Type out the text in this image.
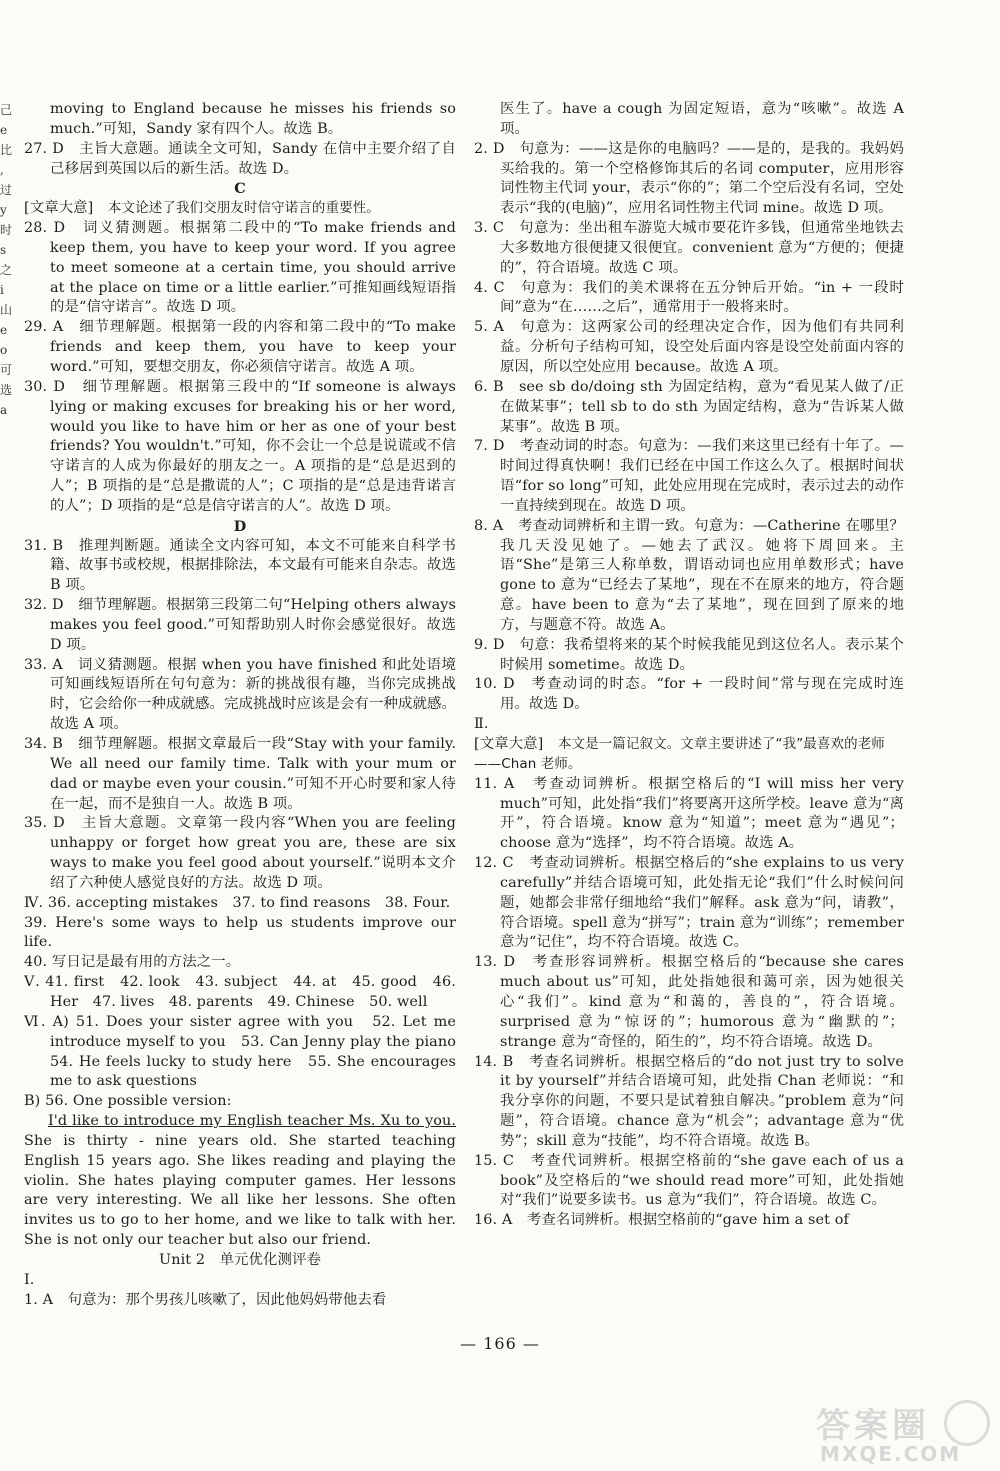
己 e 比 , 过 y 时 s 之 i 山 e o 可 选 a

moving to England because he misses his friends so much.”可知，Sandy 家有四个人。故选 B。

27. D　主旨大意题。通读全文可知，Sandy 在信中主要介绍了自己移居到英国以后的新生活。故选 D。

C

[文章大意]　 本文论述了我们交朋友时信守诺言的重要性。

28. D　词义猜测题。根据第二段中的“To make friends and keep them, you have to keep your word. If you agree to meet someone at a certain time, you should arrive at the place on time or a little earlier.”可推知画线短语指的是“信守诺言”。故选 D 项。

29. A　细节理解题。根据第一段的内容和第二段中的“To make friends and keep them, you have to keep your word.”可知，要想交朋友，你必须信守诺言。故选 A 项。

30. D　细节理解题。根据第三段中的“If someone is always lying or making excuses for breaking his or her word, would you like to have him or her as one of your best friends? You wouldn't.”可知，你不会让一个总是说谎或不信守诺言的人成为你最好的朋友之一。A 项指的是“总是迟到的人”；B 项指的是“总是撒谎的人”；C 项指的是“总是违背诺言的人”；D 项指的是“总是信守诺言的人”。故选 D 项。

D

31. B　推理判断题。通读全文内容可知，本文不可能来自科学书籍、故事书或校规，根据排除法，本文最有可能来自杂志。故选 B 项。

32. D　细节理解题。根据第三段第二句“Helping others always makes you feel good.”可知帮助别人时你会感觉很好。故选 D 项。

33. A　词义猜测题。根据 when you have finished 和此处语境可知画线短语所在句句意为：新的挑战很有趣，当你完成挑战时，它会给你一种成就感。完成挑战时应该是会有一种成就感。故选 A 项。

34. B　细节理解题。根据文章最后一段“Stay with your family. We all need our family time. Talk with your mum or dad or maybe even your cousin.”可知不开心时要和家人待在一起，而不是独自一人。故选 B 项。

35. D　主旨大意题。文章第一段内容“When you are feeling unhappy or forget how great you are, these are six ways to make you feel good about yourself.”说明本文介绍了六种使人感觉良好的方法。故选 D 项。

Ⅳ. 36. accepting mistakes　37. to find reasons　38. Four.

39. Here's some ways to help us students improve our life.

40. 写日记是最有用的方法之一。

Ⅴ. 41. first　42. look　43. subject　44. at　45. good　46. Her　47. lives　48. parents　49. Chinese　50. well

Ⅵ. A) 51. Does your sister agree with you　52. Let me introduce myself to you　53. Can Jenny play the piano　54. He feels lucky to study here　55. She encourages me to ask questions

B) 56. One possible version:

I'd like to introduce my English teacher Ms. Xu to you. She is thirty - nine years old. She started teaching English 15 years ago. She likes reading and playing the violin. She hates playing computer games. Her lessons are very interesting. We all like her lessons. She often invites us to go to her home, and we like to talk with her. She is not only our teacher but also our friend.

Unit 2　单元优化测评卷

Ⅰ.

1. A　句意为：那个男孩儿咳嗽了，因此他妈妈带他去看

医生了。have a cough 为固定短语，意为“咳嗽”。故选 A 项。

2. D　句意为：——这是你的电脑吗？——是的，是我的。我妈妈买给我的。第一个空格修饰其后的名词 computer，应用形容词性物主代词 your，表示“你的”；第二个空后没有名词，空处表示“我的(电脑)”，应用名词性物主代词 mine。故选 D 项。

3. C　句意为：坐出租车游览大城市要花许多钱，但通常坐地铁去大多数地方很便捷又很便宜。convenient 意为“方便的；便捷的”，符合语境。故选 C 项。

4. C　句意为：我们的美术课将在五分钟后开始。“in + 一段时间”意为“在……之后”，通常用于一般将来时。

5. A　句意为：这两家公司的经理决定合作，因为他们有共同利益。分析句子结构可知，设空处后面内容是设空处前面内容的原因，所以空处应用 because。故选 A 项。

6. B　see sb do/doing sth 为固定结构，意为“看见某人做了/正在做某事”；tell sb to do sth 为固定结构，意为“告诉某人做某事”。故选 B 项。

7. D　考查动词的时态。句意为：—我们来这里已经有十年了。—时间过得真快啊！我们已经在中国工作这么久了。根据时间状语“for so long”可知，此处应用现在完成时，表示过去的动作一直持续到现在。故选 D 项。

8. A　考查动词辨析和主谓一致。句意为：—Catherine 在哪里？我几天没见她了。—她去了武汉。她将下周回来。主语“She”是第三人称单数，谓语动词也应用单数形式；have gone to 意为“已经去了某地”，现在不在原来的地方，符合题意。have been to 意为“去了某地”，现在回到了原来的地方，与题意不符。故选 A。

9. D　句意：我希望将来的某个时候我能见到这位名人。表示某个时候用 sometime。故选 D。

10. D　考查动词的时态。“for + 一段时间”常与现在完成时连用。故选 D。

Ⅱ.

[文章大意]　 本文是一篇记叙文。文章主要讲述了“我”最喜欢的老师——Chan 老师。

11. A　考查动词辨析。根据空格后的“I will miss her very much”可知，此处指“我们”将要离开这所学校。leave 意为“离开”，符合语境。know 意为“知道”；meet 意为“遇见”；choose 意为“选择”，均不符合语境。故选 A。

12. C　考查动词辨析。根据空格后的“she explains to us very carefully”并结合语境可知，此处指无论“我们”什么时候问问题，她都会非常仔细地给“我们”解释。ask 意为“问，请教”，符合语境。spell 意为“拼写”；train 意为“训练”；remember 意为“记住”，均不符合语境。故选 C。

13. D　考查形容词辨析。根据空格后的“because she cares much about us”可知，此处指她很和蔼可亲，因为她很关心“我们”。kind 意为“和蔼的，善良的”，符合语境。surprised 意为“惊讶的”；humorous 意为“幽默的”；strange 意为“奇怪的，陌生的”，均不符合语境。故选 D。

14. B　考查名词辨析。根据空格后的“do not just try to solve it by yourself”并结合语境可知，此处指 Chan 老师说：“和我分享你的问题，不要只是试着独自解决。”problem 意为“问题”，符合语境。chance 意为“机会”；advantage 意为“优势”；skill 意为“技能”，均不符合语境。故选 B。

15. C　考查代词辨析。根据空格前的“she gave each of us a book”及空格后的“we should read more”可知，此处指她对“我们”说要多读书。us 意为“我们”，符合语境。故选 C。

16. A　考查名词辨析。根据空格前的“gave him a set of

— 166 —
答案圈
MXQE.COM
